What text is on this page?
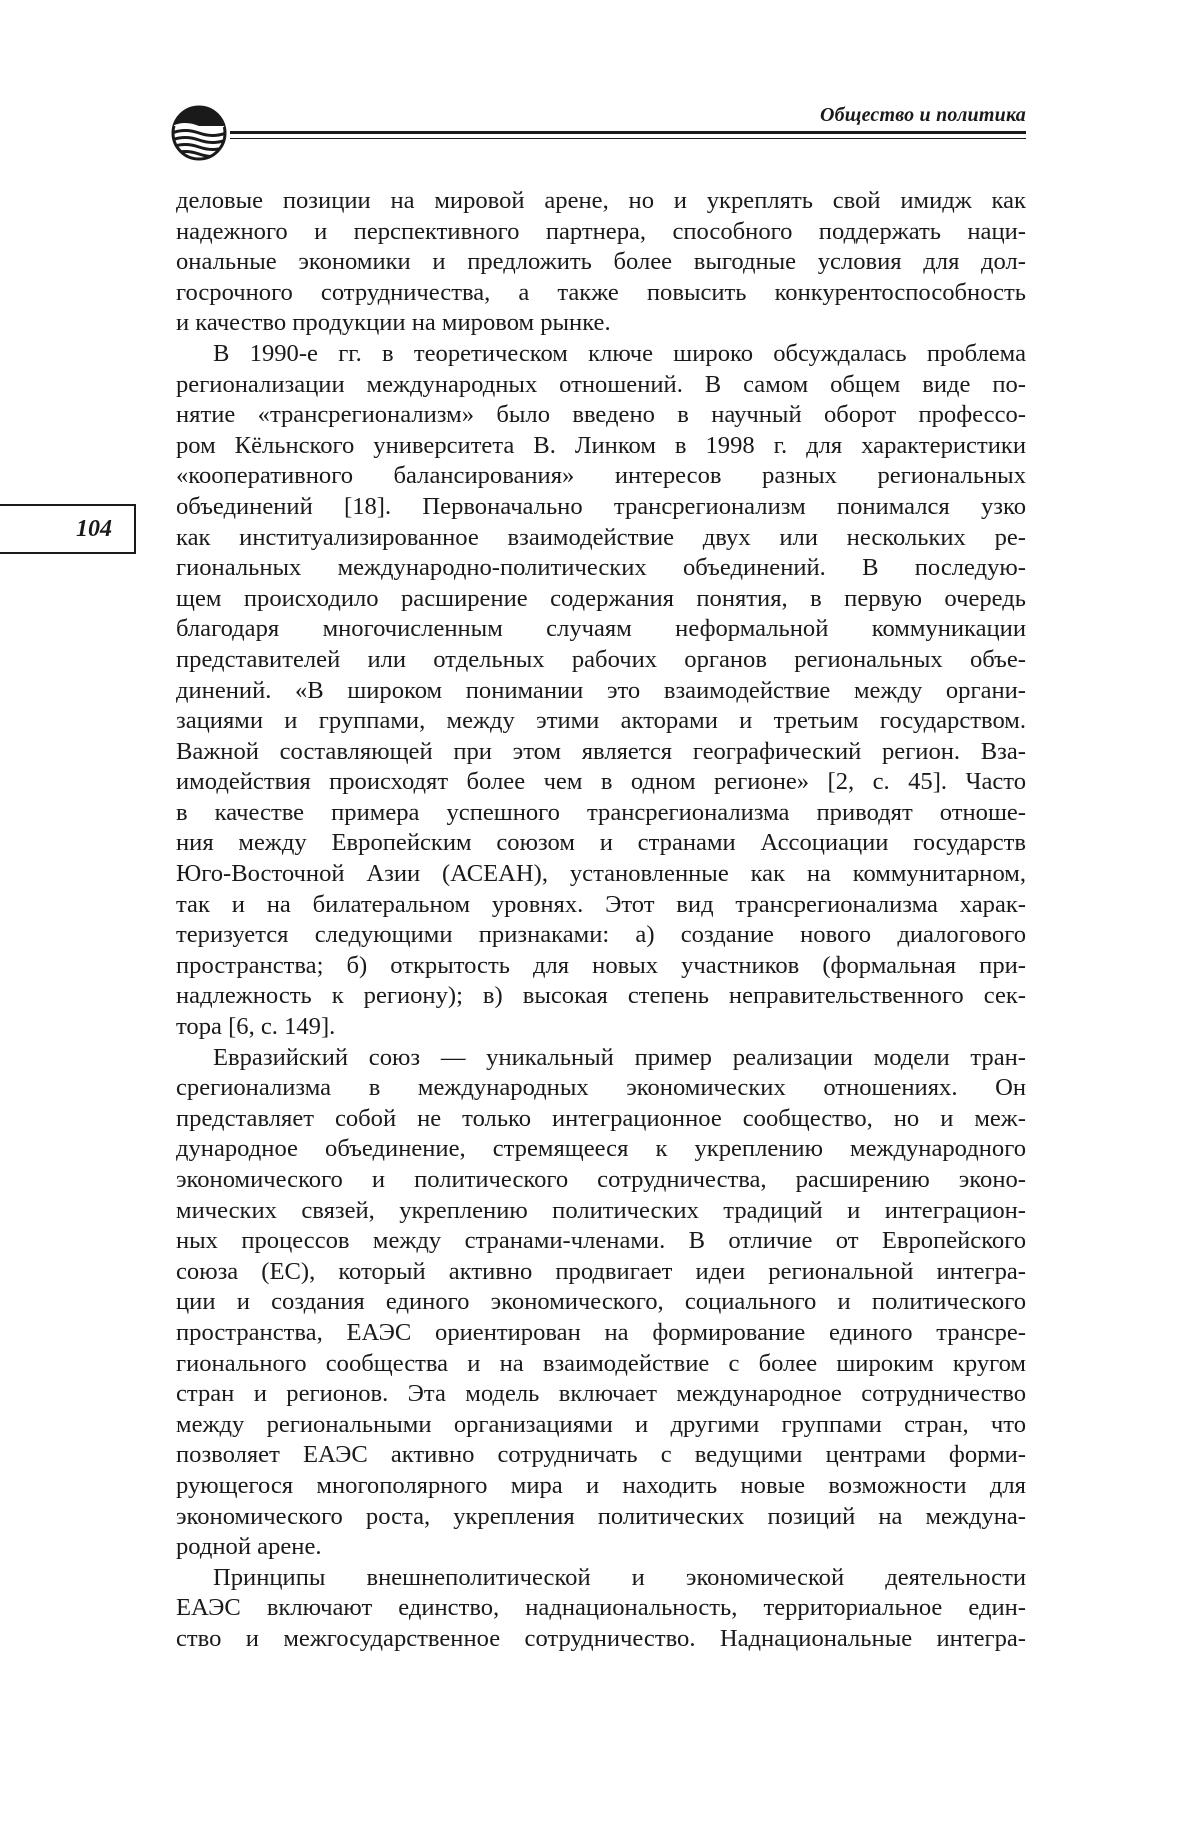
Общество и политика
104
деловые позиции на мировой арене, но и укреплять свой имидж как
надежного и перспективного партнера, способного поддержать наци-
ональные экономики и предложить более выгодные условия для дол-
госрочного сотрудничества, а также повысить конкурентоспособность
и качество продукции на мировом рынке.
В 1990-е гг. в теоретическом ключе широко обсуждалась проблема
регионализации международных отношений. В самом общем виде по-
нятие «трансрегионализм» было введено в научный оборот профессо-
ром Кёльнского университета В. Линком в 1998 г. для характеристики
«кооперативного балансирования» интересов разных региональных
объединений [18]. Первоначально трансрегионализм понимался узко
как институализированное взаимодействие двух или нескольких ре-
гиональных международно-политических объединений. В последую-
щем происходило расширение содержания понятия, в первую очередь
благодаря многочисленным случаям неформальной коммуникации
представителей или отдельных рабочих органов региональных объе-
динений. «В широком понимании это взаимодействие между органи-
зациями и группами, между этими акторами и третьим государством.
Важной составляющей при этом является географический регион. Вза-
имодействия происходят более чем в одном регионе» [2, с. 45]. Часто
в качестве примера успешного трансрегионализма приводят отноше-
ния между Европейским союзом и странами Ассоциации государств
Юго-Восточной Азии (АСЕАН), установленные как на коммунитарном,
так и на билатеральном уровнях. Этот вид трансрегионализма харак-
теризуется следующими признаками: а) создание нового диалогового
пространства; б) открытость для новых участников (формальная при-
надлежность к региону); в) высокая степень неправительственного сек-
тора [6, с. 149].
Евразийский союз — уникальный пример реализации модели тран-
срегионализма в международных экономических отношениях. Он
представляет собой не только интеграционное сообщество, но и меж-
дународное объединение, стремящееся к укреплению международного
экономического и политического сотрудничества, расширению эконо-
мических связей, укреплению политических традиций и интеграцион-
ных процессов между странами-членами. В отличие от Европейского
союза (ЕС), который активно продвигает идеи региональной интегра-
ции и создания единого экономического, социального и политического
пространства, ЕАЭС ориентирован на формирование единого трансре-
гионального сообщества и на взаимодействие с более широким кругом
стран и регионов. Эта модель включает международное сотрудничество
между региональными организациями и другими группами стран, что
позволяет ЕАЭС активно сотрудничать с ведущими центрами форми-
рующегося многополярного мира и находить новые возможности для
экономического роста, укрепления политических позиций на междуна-
родной арене.
Принципы внешнеполитической и экономической деятельности
ЕАЭС включают единство, наднациональность, территориальное един-
ство и межгосударственное сотрудничество. Наднациональные интегра-
